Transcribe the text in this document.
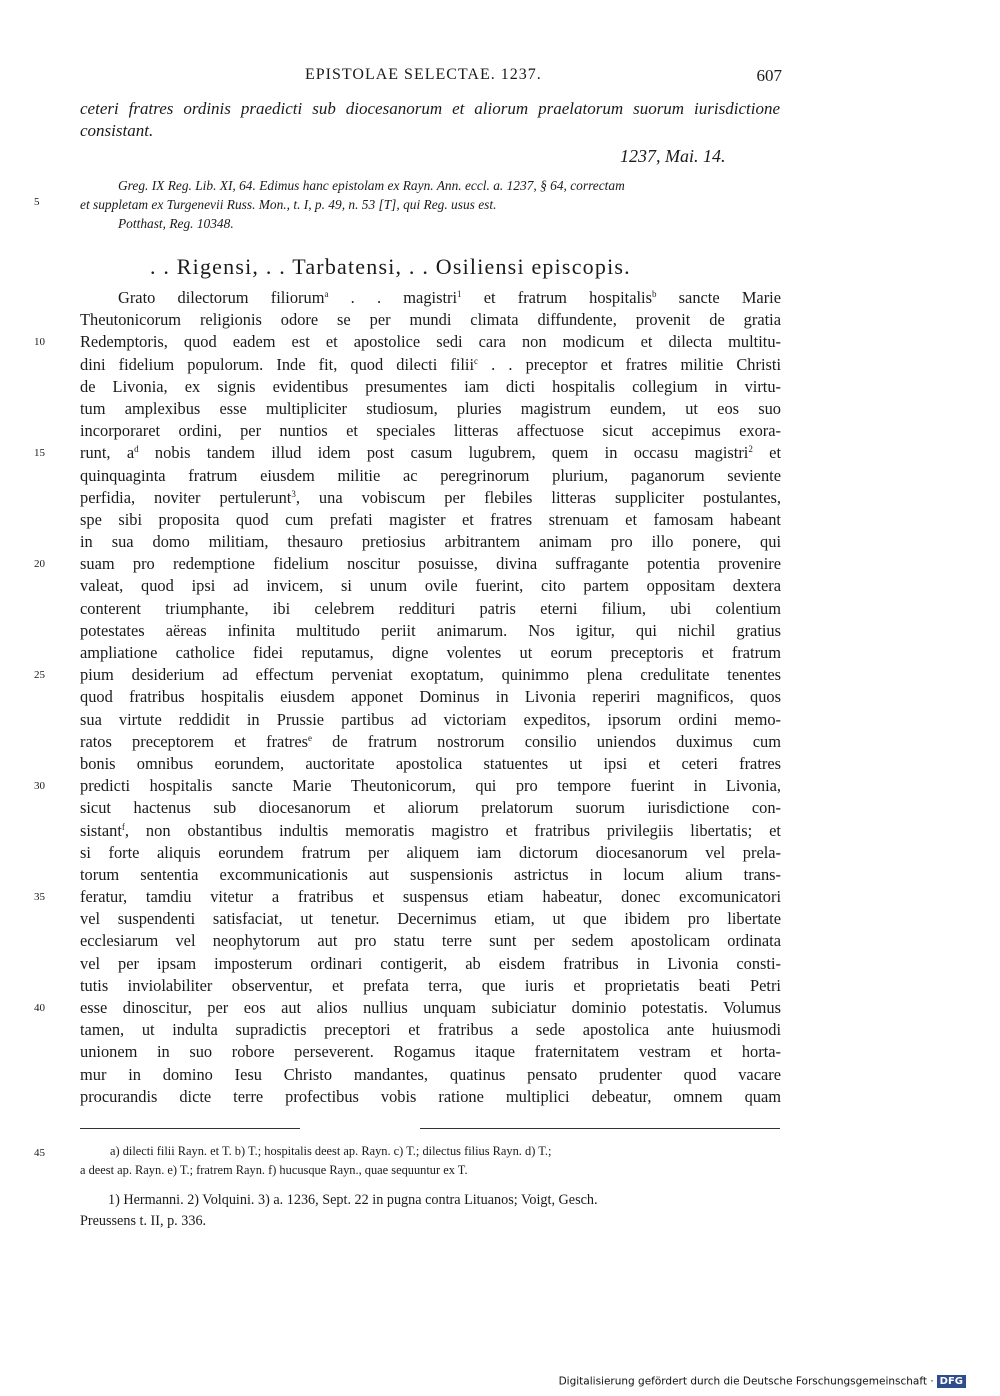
EPISTOLAE SELECTAE. 1237.	607
ceteri fratres ordinis praedicti sub diocesanorum et aliorum praelatorum suorum iurisdictione consistant.
1237, Mai. 14.
Greg. IX Reg. Lib. XI, 64. Edimus hanc epistolam ex Rayn. Ann. eccl. a. 1237, § 64, correctam
et suppletam ex Turgenevii Russ. Mon., t. I, p. 49, n. 53 [T], qui Reg. usus est.
Potthast, Reg. 10348.
. . Rigensi, . . Tarbatensi, . . Osiliensi episcopis.
Grato dilectorum filiorum$^a$ . . magistri$^1$ et fratrum hospitalis$^b$ sancte Marie
Theutonicorum religionis odore se per mundi climata diffundente, provenit de gratia
Redemptoris, quod eadem est et apostolice sedi cara non modicum et dilecta multitu-
dini fidelium populorum. Inde fit, quod dilecti filii$^c$ . . preceptor et fratres militie Christi
de Livonia, ex signis evidentibus presumentes iam dicti hospitalis collegium in virtu-
tum amplexibus esse multipliciter studiosum, pluries magistrum eundem, ut eos suo
incorporaret ordini, per nuntios et speciales litteras affectuose sicut accepimus exora-
runt, $a^d$ nobis tandem illud idem post casum lugubrem, quem in occasu magistri$^2$ et
quinquaginta fratrum eiusdem militie ac peregrinorum plurium, paganorum seviente
perfidia, noviter pertulerunt$^3$, una vobiscum per flebiles litteras suppliciter postulantes,
spe sibi proposita quod cum prefati magister et fratres strenuam et famosam habeant
in sua domo militiam, thesauro pretiosius arbitrantem animam pro illo ponere, qui
suam pro redemptione fidelium noscitur posuisse, divina suffragante potentia provenire
valeat, quod ipsi ad invicem, si unum ovile fuerint, cito partem oppositam dextera
conterent triumphante, ibi celebrem reddituri patris eterni filium, ubi colentium
potestates aëreas infinita multitudo periit animarum. Nos igitur, qui nichil gratius
ampliatione catholice fidei reputamus, digne volentes ut eorum preceptoris et fratrum
pium desiderium ad effectum perveniat exoptatum, quinimmo plena credulitate tenentes
quod fratribus hospitalis eiusdem apponet Dominus in Livonia reperiri magnificos, quos
sua virtute reddidit in Prussie partibus ad victoriam expeditos, ipsorum ordini memo-
ratos preceptorem et fratres$^e$ de fratrum nostrorum consilio uniendos duximus cum
bonis omnibus eorundem, auctoritate apostolica statuentes ut ipsi et ceteri fratres
predicti hospitalis sancte Marie Theutonicorum, qui pro tempore fuerint in Livonia,
sicut hactenus sub diocesanorum et aliorum prelatorum suorum iurisdictione con-
sistant$^f$, non obstantibus indultis memoratis magistro et fratribus privilegiis libertatis; et
si forte aliquis eorundem fratrum per aliquem iam dictorum diocesanorum vel prela-
torum sententia excommunicationis aut suspensionis astrictus in locum alium trans-
feratur, tamdiu vitetur a fratribus et suspensus etiam habeatur, donec excomunicatori
vel suspendenti satisfaciat, ut tenetur. Decernimus etiam, ut que ibidem pro libertate
ecclesiarum vel neophytorum aut pro statu terre sunt per sedem apostolicam ordinata
vel per ipsam imposterum ordinari contigerit, ab eisdem fratribus in Livonia consti-
tutis inviolabiliter observentur, et prefata terra, que iuris et proprietatis beati Petri
esse dinoscitur, per eos aut alios nullius unquam subiciatur dominio potestatis. Volumus
tamen, ut indulta supradictis preceptori et fratribus a sede apostolica ante huiusmodi
unionem in suo robore perseverent. Rogamus itaque fraternitatem vestram et horta-
mur in domino Iesu Christo mandantes, quatinus pensato prudenter quod vacare
procurandis dicte terre profectibus vobis ratione multiplici debeatur, omnem quam
5
10
15
20
25
30
35
40
45	a) dilecti filii Rayn. et T. b) T.; hospitalis deest ap. Rayn. c) T.; dilectus filius Rayn. d) T.;
a deest ap. Rayn. e) T.; fratrem Rayn. f) hucusque Rayn., quae sequuntur ex T.
1) Hermanni. 2) Volquini. 3) a. 1236, Sept. 22 in pugna contra Lituanos; Voigt, Gesch.
Preussens t. II, p. 336.
Digitalisierung gefördert durch die Deutsche Forschungsgemeinschaft · DFG
